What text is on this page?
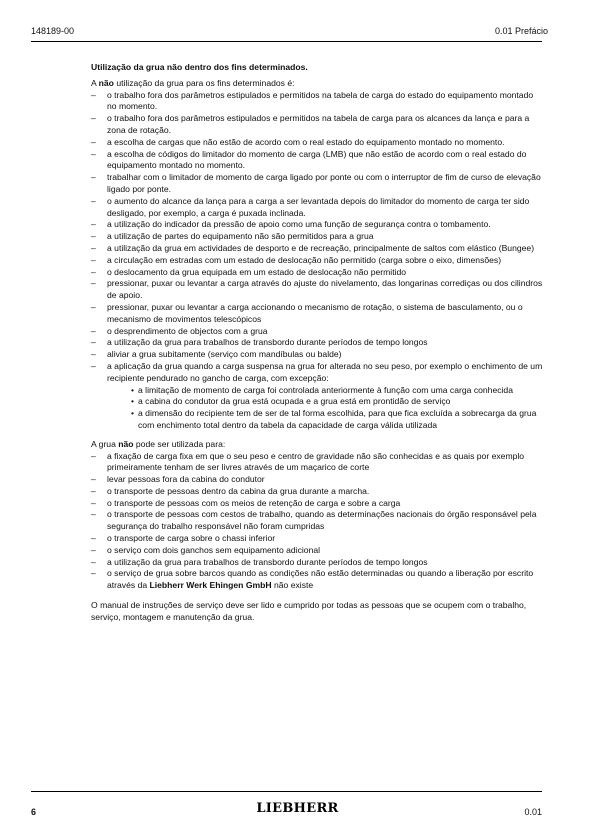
148189-00	0.01 Prefácio

Utilização da grua não dentro dos fins determinados.

A não utilização da grua para os fins determinados é:

– o trabalho fora dos parâmetros estipulados e permitidos na tabela de carga do estado do equipamento montado no momento.
– o trabalho fora dos parâmetros estipulados e permitidos na tabela de carga para os alcances da lança e para a zona de rotação.
– a escolha de cargas que não estão de acordo com o real estado do equipamento montado no momento.
– a escolha de códigos do limitador do momento de carga (LMB) que não estão de acordo com o real estado do equipamento montado no momento.
– trabalhar com o limitador de momento de carga ligado por ponte ou com o interruptor de fim de curso de elevação ligado por ponte.
– o aumento do alcance da lança para a carga a ser levantada depois do limitador do momento de carga ter sido desligado, por exemplo, a carga é puxada inclinada.
– a utilização do indicador da pressão de apoio como uma função de segurança contra o tombamento.
– a utilização de partes do equipamento não são permitidos para a grua
– a utilização da grua em actividades de desporto e de recreação, principalmente de saltos com elástico (Bungee)
– a circulação em estradas com um estado de deslocação não permitido (carga sobre o eixo, dimensões)
– o deslocamento da grua equipada em um estado de deslocação não permitido
– pressionar, puxar ou levantar a carga através do ajuste do nivelamento, das longarinas corrediças ou dos cilindros de apoio.
– pressionar, puxar ou levantar a carga accionando o mecanismo de rotação, o sistema de basculamento, ou o mecanismo de movimentos telescópicos
– o desprendimento de objectos com a grua
– a utilização da grua para trabalhos de transbordo durante períodos de tempo longos
– aliviar a grua subitamente (serviço com mandíbulas ou balde)
– a aplicação da grua quando a carga suspensa na grua for alterada no seu peso, por exemplo o enchimento de um recipiente pendurado no gancho de carga, com excepção:
• a limitação de momento de carga foi controlada anteriormente à função com uma carga conhecida
• a cabina do condutor da grua está ocupada e a grua está em prontidão de serviço
• a dimensão do recipiente tem de ser de tal forma escolhida, para que fica excluída a sobrecarga da grua com enchimento total dentro da tabela da capacidade de carga válida utilizada

A grua não pode ser utilizada para:

– a fixação de carga fixa em que o seu peso e centro de gravidade não são conhecidas e as quais por exemplo primeiramente tenham de ser livres através de um maçarico de corte
– levar pessoas fora da cabina do condutor
– o transporte de pessoas dentro da cabina da grua durante a marcha.
– o transporte de pessoas com os meios de retenção de carga e sobre a carga
– o transporte de pessoas com cestos de trabalho, quando as determinações nacionais do órgão responsável pela segurança do trabalho responsável não foram cumpridas
– o transporte de carga sobre o chassi inferior
– o serviço com dois ganchos sem equipamento adicional
– a utilização da grua para trabalhos de transbordo durante períodos de tempo longos
– o serviço de grua sobre barcos quando as condições não estão determinadas ou quando a liberação por escrito através da Liebherr Werk Ehingen GmbH não existe

O manual de instruções de serviço deve ser lido e cumprido por todas as pessoas que se ocupem com o trabalho, serviço, montagem e manutenção da grua.

6	LIEBHERR	0.01
